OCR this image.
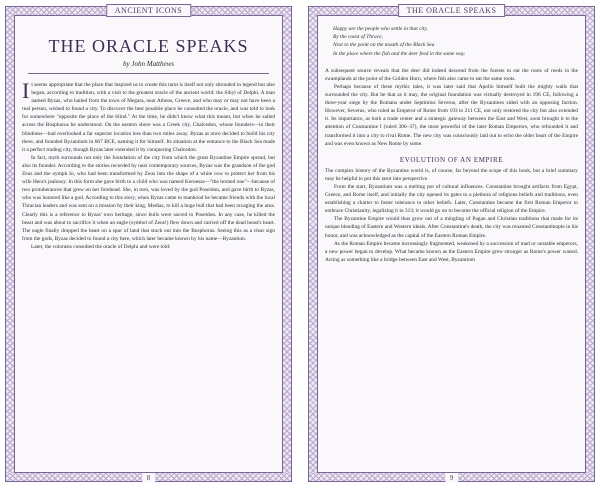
ANCIENT ICONS
8
THE ORACLE SPEAKS
by John Matthews

It seems appropriate that the place that inspired us to create this tarot is itself not only shrouded in legend but also began, according to tradition, with a visit to the greatest oracle of the ancient world: the Sibyl of Delphi. A man named Byzas, who hailed from the town of Megara, near Athens, Greece, and who may or may not have been a real person, wished to found a city. To discover the best possible place he consulted the oracle, and was told to look for somewhere "opposite the place of the blind." At the time, he didn't know what this meant, but when he sailed across the Bosphorus he understood. On the eastern shore was a Greek city, Chalcedon, whose founders—in their blindness—had overlooked a far superior location less than two miles away. Byzas at once decided to build his city there, and founded Byzantium in 667 BCE, naming it for himself. Its situation at the entrance to the Black Sea made it a perfect trading city, though Byzas later extended it by conquering Chalcedon.

In fact, myth surrounds not only the foundation of the city from which the great Byzantine Empire spread, but also its founder. According to the stories recorded by near contemporary sources, Byzas was the grandson of the god Zeus and the nymph Io, who had been transformed by Zeus into the shape of a white cow to protect her from his wife Hera's jealousy. In this form she gave birth to a child who was named Keroessa—"the horned one"—because of two protuberances that grew on her forehead. She, in turn, was loved by the god Poseidon, and gave birth to Byzas, who was honored like a god. According to this story, when Byzas came to manhood he became friends with the local Thracian leaders and was sent on a mission by their king, Medias, to kill a huge bull that had been ravaging the area. Clearly this is a reference to Byzas' own heritage, since bulls were sacred to Poseidon. In any case, he killed the beast and was about to sacrifice it when an eagle (symbol of Zeus!) flew down and carried off the dead beast's heart. The eagle finally dropped the heart on a spur of land that stuck out into the Bosphorus. Seeing this as a clear sign from the gods, Byzas decided to found a city here, which later became known by his name—Byzantion.

Later, the colonists consulted the oracle of Delphi and were told:

THE ORACLE SPEAKS
9
Happy are the people who settle in that city,
By the coast of Thrace,
Next to the point on the mouth of the Black Sea
In the place where the fish and the deer feed in the same way.

A subsequent source reveals that the deer did indeed descend from the forests to eat the roots of reeds in the swamplands at the point of the Golden Horn, where fish also came to eat the same roots.

Perhaps because of these mythic tales, it was later said that Apollo himself built the mighty walls that surrounded the city. But be that as it may, the original foundation was virtually destroyed in 196 CE, following a three-year siege by the Romans under Septimius Severus, after the Byzantines sided with an opposing faction. However, Severus, who ruled as Emperor of Rome from 193 to 211 CE, not only restored the city but also extended it. Its importance, as both a trade center and a strategic gateway between the East and West, soon brought it to the attention of Constantine I (ruled 306–37), the most powerful of the later Roman Emperors, who refounded it and transformed it into a city to rival Rome. The new city was consciously laid out to echo the older heart of the Empire and was even known as New Rome by some.

EVOLUTION OF AN EMPIRE

The complex history of the Byzantine world is, of course, far beyond the scope of this book, but a brief summary may be helpful to put this tarot into perspective.

From the start, Byzantium was a melting pot of cultural influences. Constantine brought artifacts from Egypt, Greece, and Rome itself, and initially the city opened its gates to a plethora of religious beliefs and traditions, even establishing a charter to foster tolerance to other beliefs. Later, Constantine became the first Roman Emperor to embrace Christianity, legalizing it in 313; it would go on to become the official religion of the Empire.

The Byzantine Empire would thus grow out of a mingling of Pagan and Christian traditions that made for its unique blending of Eastern and Western ideals. After Constantine's death, the city was renamed Constantinople in his honor, and was acknowledged as the capital of the Eastern Roman Empire.

As the Roman Empire became increasingly fragmented, weakened by a succession of mad or unstable emperors, a new power began to develop. What became known as the Eastern Empire grew stronger as Rome's power waned. Acting as something like a bridge between East and West, Byzantium
